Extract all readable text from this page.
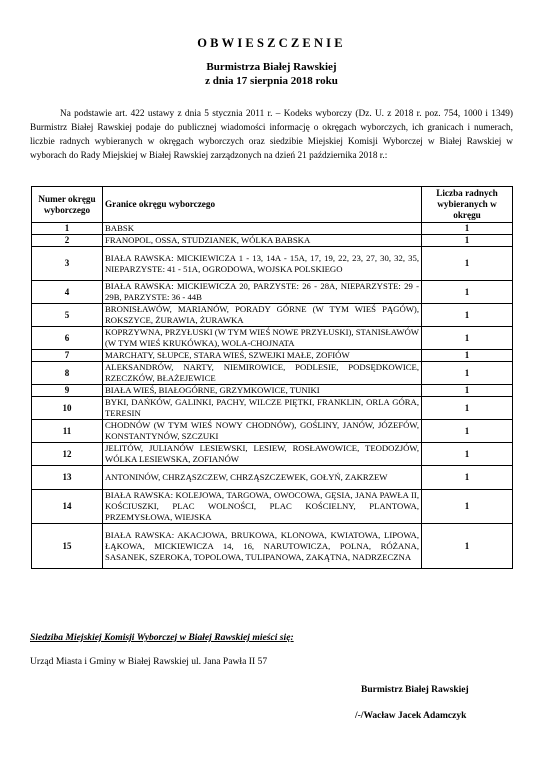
OBWIESZCZENIE
Burmistrza Białej Rawskiej
z dnia 17 sierpnia 2018 roku
Na podstawie art. 422 ustawy z dnia 5 stycznia 2011 r. – Kodeks wyborczy (Dz. U. z 2018 r. poz. 754, 1000 i 1349) Burmistrz Białej Rawskiej podaje do publicznej wiadomości informację o okręgach wyborczych, ich granicach i numerach, liczbie radnych wybieranych w okręgach wyborczych oraz siedzibie Miejskiej Komisji Wyborczej w Białej Rawskiej w wyborach do Rady Miejskiej w Białej Rawskiej zarządzonych na dzień 21 października 2018 r.:
Numer okręgu wyborczego	Granice okręgu wyborczego	Liczba radnych wybieranych w okręgu
1	BABSK	1
2	FRANOPOL, OSSA, STUDZIANEK, WÓLKA BABSKA	1
3	BIAŁA RAWSKA: MICKIEWICZA 1 - 13, 14A - 15A, 17, 19, 22, 23, 27, 30, 32, 35, NIEPARZYSTE: 41 - 51A, OGRODOWA, WOJSKA POLSKIEGO	1
4	BIAŁA RAWSKA: MICKIEWICZA 20, PARZYSTE: 26 - 28A, NIEPARZYSTE: 29 - 29B, PARZYSTE: 36 - 44B	1
5	BRONISŁAWÓW, MARIANÓW, PORADY GÓRNE (W TYM WIEŚ PĄGÓW), ROKSZYCE, ŻURAWIA, ŻURAWKA	1
6	KOPRZYWNA, PRZYŁUSKI (W TYM WIEŚ NOWE PRZYŁUSKI), STANISŁAWÓW (W TYM WIEŚ KRUKÓWKA), WOLA-CHOJNATA	1
7	MARCHATY, SŁUPCE, STARA WIEŚ, SZWEJKI MAŁE, ZOFIÓW	1
8	ALEKSANDRÓW, NARTY, NIEMIROWICE, PODLESIE, PODSĘDKOWICE, RZECZKÓW, BŁAŻEJEWICE	1
9	BIAŁA WIEŚ, BIAŁOGÓRNE, GRZYMKOWICE, TUNIKI	1
10	BYKI, DAŃKÓW, GALINKI, PACHY, WILCZE PIĘTKI, FRANKLIN, ORLA GÓRA, TERESIN	1
11	CHODNÓW (W TYM WIEŚ NOWY CHODNÓW), GOŚLINY, JANÓW, JÓZEFÓW, KONSTANTYNÓW, SZCZUKI	1
12	JELITÓW, JULIANÓW LESIEWSKI, LESIEW, ROSŁAWOWICE, TEODOZJÓW, WÓLKA LESIEWSKA, ZOFIANÓW	1
13	ANTONINÓW, CHRZĄSZCZEW, CHRZĄSZCZEWEK, GOŁYŃ, ZAKRZEW	1
14	BIAŁA RAWSKA: KOLEJOWA, TARGOWA, OWOCOWA, GĘSIA, JANA PAWŁA II, KOŚCIUSZKI, PLAC WOLNOŚCI, PLAC KOŚCIELNY, PLANTOWA, PRZEMYSŁOWA, WIEJSKA	1
15	BIAŁA RAWSKA: AKACJOWA, BRUKOWA, KLONOWA, KWIATOWA, LIPOWA, ŁĄKOWA, MICKIEWICZA 14, 16, NARUTOWICZA, POLNA, RÓŻANA, SASANEK, SZEROKA, TOPOLOWA, TULIPANOWA, ZAKĄTNA, NADRZECZNA	1
Siedziba Miejskiej Komisji Wyborczej w Białej Rawskiej mieści się:
Urząd Miasta i Gminy w Białej Rawskiej ul. Jana Pawła II 57
Burmistrz Białej Rawskiej
/-/Wacław Jacek Adamczyk
